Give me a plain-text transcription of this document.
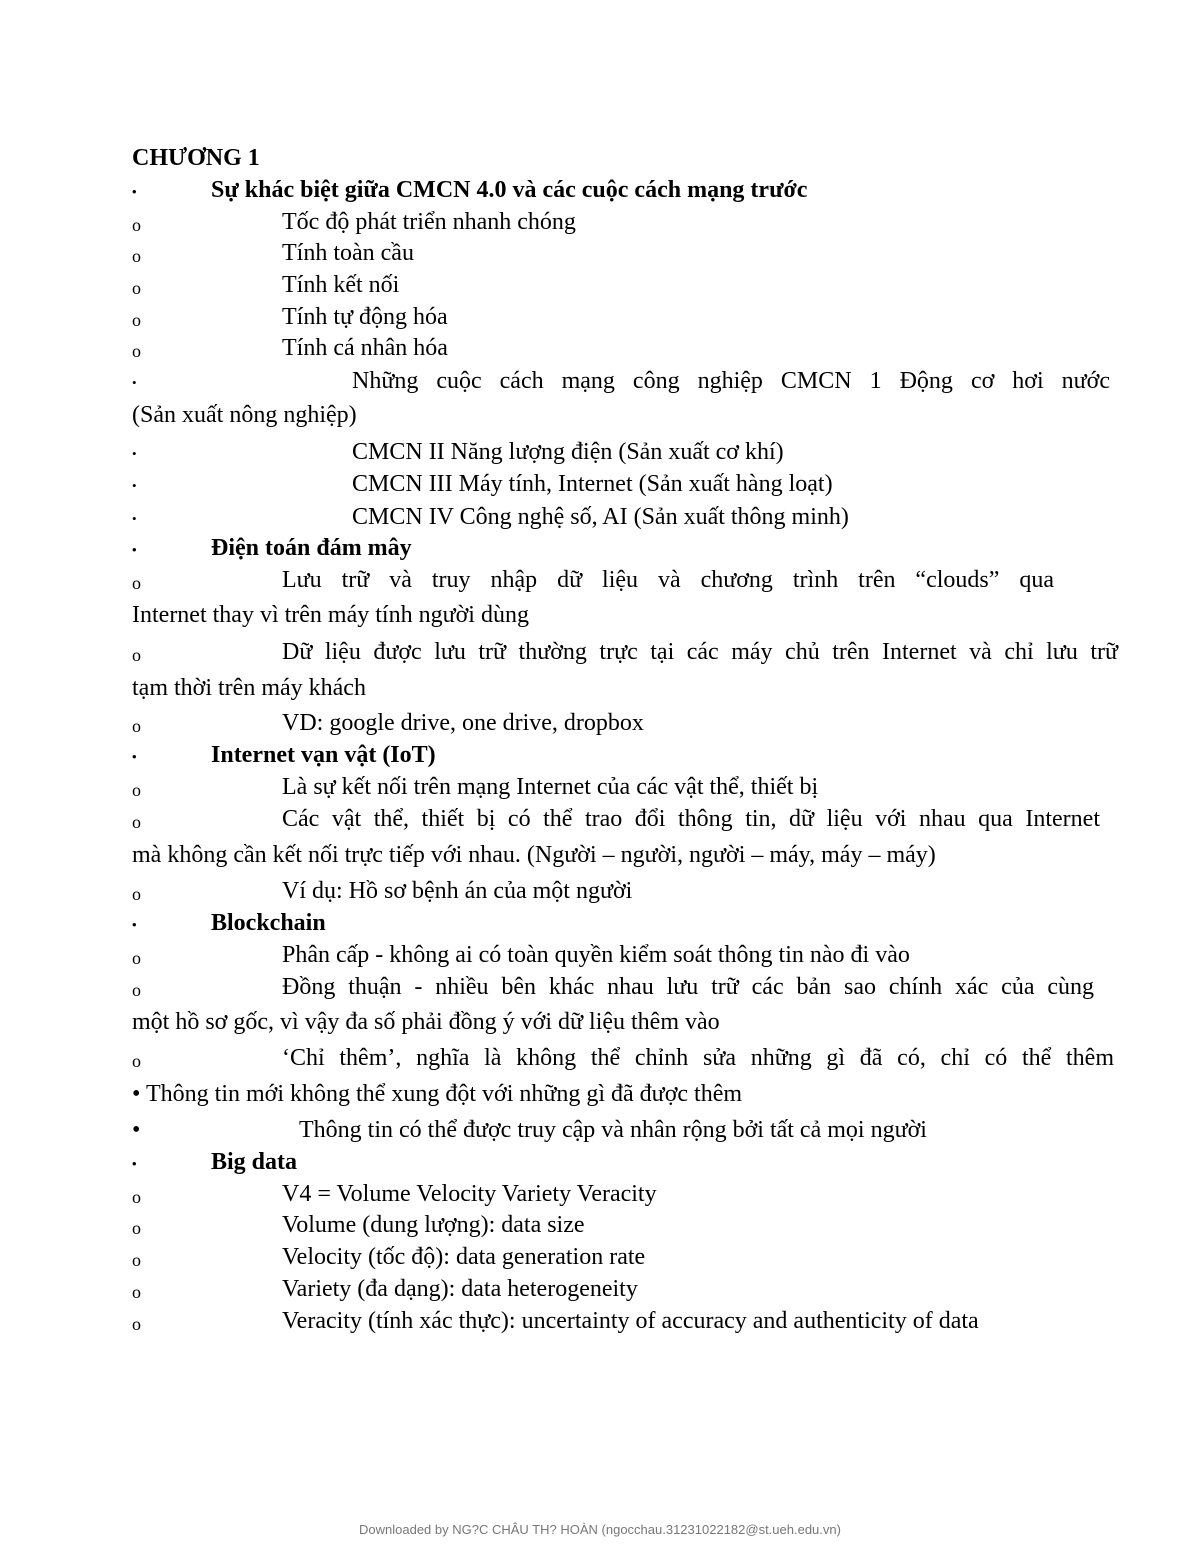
CHƯƠNG 1
•	Sự khác biệt giữa CMCN 4.0 và các cuộc cách mạng trước
o	Tốc độ phát triển nhanh chóng
o	Tính toàn cầu
o	Tính kết nối
o	Tính tự động hóa
o	Tính cá nhân hóa
•	Những cuộc cách mạng công nghiệp CMCN 1 Động cơ hơi nước
(Sản xuất nông nghiệp)
•	CMCN II Năng lượng điện (Sản xuất cơ khí)
•	CMCN III Máy tính, Internet (Sản xuất hàng loạt)
•	CMCN IV Công nghệ số, AI (Sản xuất thông minh)
•	Điện toán đám mây
o	Lưu trữ và truy nhập dữ liệu và chương trình trên “clouds” qua
Internet thay vì trên máy tính người dùng
o	Dữ liệu được lưu trữ thường trực tại các máy chủ trên Internet và chỉ lưu trữ
tạm thời trên máy khách
o	VD: google drive, one drive, dropbox
•	Internet vạn vật (IoT)
o	Là sự kết nối trên mạng Internet của các vật thể, thiết bị
o	Các vật thể, thiết bị có thể trao đổi thông tin, dữ liệu với nhau qua Internet
mà không cần kết nối trực tiếp với nhau. (Người – người, người – máy, máy – máy)
o	Ví dụ: Hồ sơ bệnh án của một người
•	Blockchain
o	Phân cấp - không ai có toàn quyền kiểm soát thông tin nào đi vào
o	Đồng thuận - nhiều bên khác nhau lưu trữ các bản sao chính xác của cùng
một hồ sơ gốc, vì vậy đa số phải đồng ý với dữ liệu thêm vào
o	‘Chỉ thêm’, nghĩa là không thể chỉnh sửa những gì đã có, chỉ có thể thêm
• Thông tin mới không thể xung đột với những gì đã được thêm
•	Thông tin có thể được truy cập và nhân rộng bởi tất cả mọi người
•	Big data
o	V4 = Volume Velocity Variety Veracity
o	Volume (dung lượng): data size
o	Velocity (tốc độ): data generation rate
o	Variety (đa dạng): data heterogeneity
o	Veracity (tính xác thực): uncertainty of accuracy and authenticity of data
Downloaded by NG?C CHÂU TH? HOÀN (ngocchau.31231022182@st.ueh.edu.vn)
